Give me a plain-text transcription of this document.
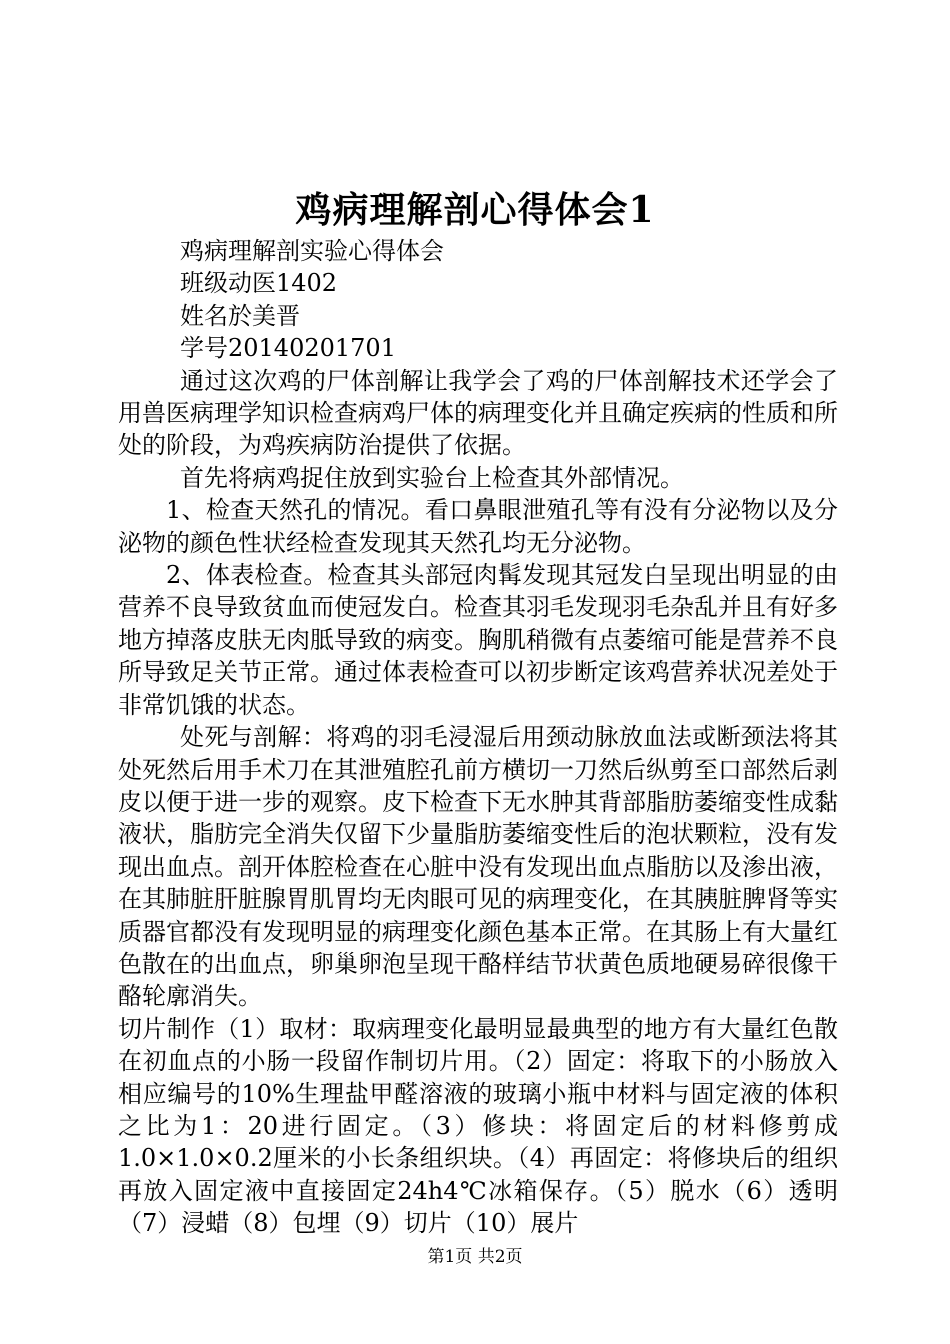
鸡病理解剖心得体会1

鸡病理解剖实验心得体会

班级动医1402

姓名於美晋

学号20140201701

通过这次鸡的尸体剖解让我学会了鸡的尸体剖解技术还学会了用兽医病理学知识检查病鸡尸体的病理变化并且确定疾病的性质和所处的阶段，为鸡疾病防治提供了依据。

首先将病鸡捉住放到实验台上检查其外部情况。

1、检查天然孔的情况。看口鼻眼泄殖孔等有没有分泌物以及分泌物的颜色性状经检查发现其天然孔均无分泌物。

2、体表检查。检查其头部冠肉髯发现其冠发白呈现出明显的由营养不良导致贫血而使冠发白。检查其羽毛发现羽毛杂乱并且有好多地方掉落皮肤无肉胝导致的病变。胸肌稍微有点萎缩可能是营养不良所导致足关节正常。通过体表检查可以初步断定该鸡营养状况差处于非常饥饿的状态。

处死与剖解：将鸡的羽毛浸湿后用颈动脉放血法或断颈法将其处死然后用手术刀在其泄殖腔孔前方横切一刀然后纵剪至口部然后剥皮以便于进一步的观察。皮下检查下无水肿其背部脂肪萎缩变性成黏液状，脂肪完全消失仅留下少量脂肪萎缩变性后的泡状颗粒，没有发现出血点。剖开体腔检查在心脏中没有发现出血点脂肪以及渗出液，在其肺脏肝脏腺胃肌胃均无肉眼可见的病理变化，在其胰脏脾肾等实质器官都没有发现明显的病理变化颜色基本正常。在其肠上有大量红色散在的出血点，卵巢卵泡呈现干酪样结节状黄色质地硬易碎很像干酪轮廓消失。

切片制作（1）取材：取病理变化最明显最典型的地方有大量红色散在初血点的小肠一段留作制切片用。（2）固定：将取下的小肠放入相应编号的10%生理盐甲醛溶液的玻璃小瓶中材料与固定液的体积之比为1：20进行固定。（3）修块：将固定后的材料修剪成1.0×1.0×0.2厘米的小长条组织块。（4）再固定：将修块后的组织再放入固定液中直接固定24h4℃冰箱保存。（5）脱水（6）透明（7）浸蜡（8）包埋（9）切片（10）展片

第1页 共2页
